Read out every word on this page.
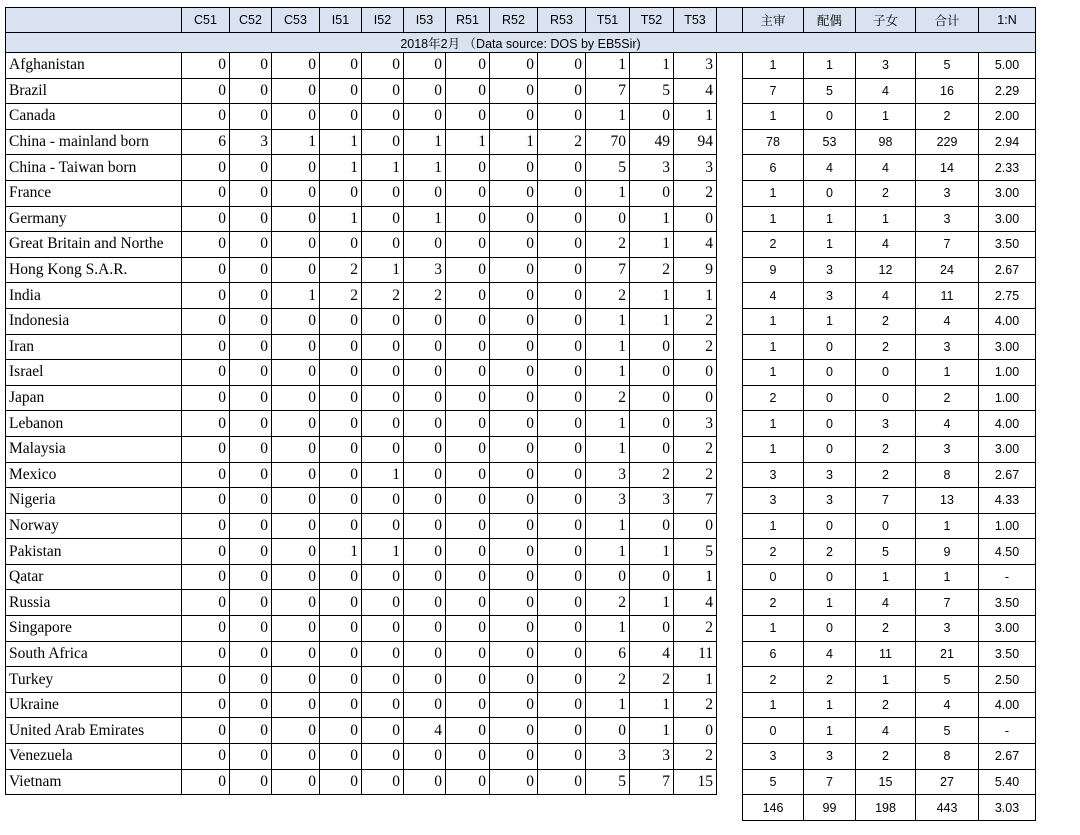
	C51	C52	C53	I51	I52	I53	R51	R52	R53	T51	T52	T53		主审	配偶	子女	合计	1:N
2018年2月 （Data source: DOS by EB5Sir)																		
Afghanistan	0	0	0	0	0	0	0	0	0	1	1	3		1	1	3	5	5.00
Brazil	0	0	0	0	0	0	0	0	0	7	5	4		7	5	4	16	2.29
Canada	0	0	0	0	0	0	0	0	0	1	0	1		1	0	1	2	2.00
China - mainland born	6	3	1	1	0	1	1	1	2	70	49	94		78	53	98	229	2.94
China - Taiwan born	0	0	0	1	1	1	0	0	0	5	3	3		6	4	4	14	2.33
France	0	0	0	0	0	0	0	0	0	1	0	2		1	0	2	3	3.00
Germany	0	0	0	1	0	1	0	0	0	0	1	0		1	1	1	3	3.00
Great Britain and Northe	0	0	0	0	0	0	0	0	0	2	1	4		2	1	4	7	3.50
Hong Kong S.A.R.	0	0	0	2	1	3	0	0	0	7	2	9		9	3	12	24	2.67
India	0	0	1	2	2	2	0	0	0	2	1	1		4	3	4	11	2.75
Indonesia	0	0	0	0	0	0	0	0	0	1	1	2		1	1	2	4	4.00
Iran	0	0	0	0	0	0	0	0	0	1	0	2		1	0	2	3	3.00
Israel	0	0	0	0	0	0	0	0	0	1	0	0		1	0	0	1	1.00
Japan	0	0	0	0	0	0	0	0	0	2	0	0		2	0	0	2	1.00
Lebanon	0	0	0	0	0	0	0	0	0	1	0	3		1	0	3	4	4.00
Malaysia	0	0	0	0	0	0	0	0	0	1	0	2		1	0	2	3	3.00
Mexico	0	0	0	0	1	0	0	0	0	3	2	2		3	3	2	8	2.67
Nigeria	0	0	0	0	0	0	0	0	0	3	3	7		3	3	7	13	4.33
Norway	0	0	0	0	0	0	0	0	0	1	0	0		1	0	0	1	1.00
Pakistan	0	0	0	1	1	0	0	0	0	1	1	5		2	2	5	9	4.50
Qatar	0	0	0	0	0	0	0	0	0	0	0	1		0	0	1	1	-
Russia	0	0	0	0	0	0	0	0	0	2	1	4		2	1	4	7	3.50
Singapore	0	0	0	0	0	0	0	0	0	1	0	2		1	0	2	3	3.00
South Africa	0	0	0	0	0	0	0	0	0	6	4	11		6	4	11	21	3.50
Turkey	0	0	0	0	0	0	0	0	0	2	2	1		2	2	1	5	2.50
Ukraine	0	0	0	0	0	0	0	0	0	1	1	2		1	1	2	4	4.00
United Arab Emirates	0	0	0	0	0	4	0	0	0	0	1	0		0	1	4	5	-
Venezuela	0	0	0	0	0	0	0	0	0	3	3	2		3	3	2	8	2.67
Vietnam	0	0	0	0	0	0	0	0	0	5	7	15		5	7	15	27	5.40
														146	99	198	443	3.03
